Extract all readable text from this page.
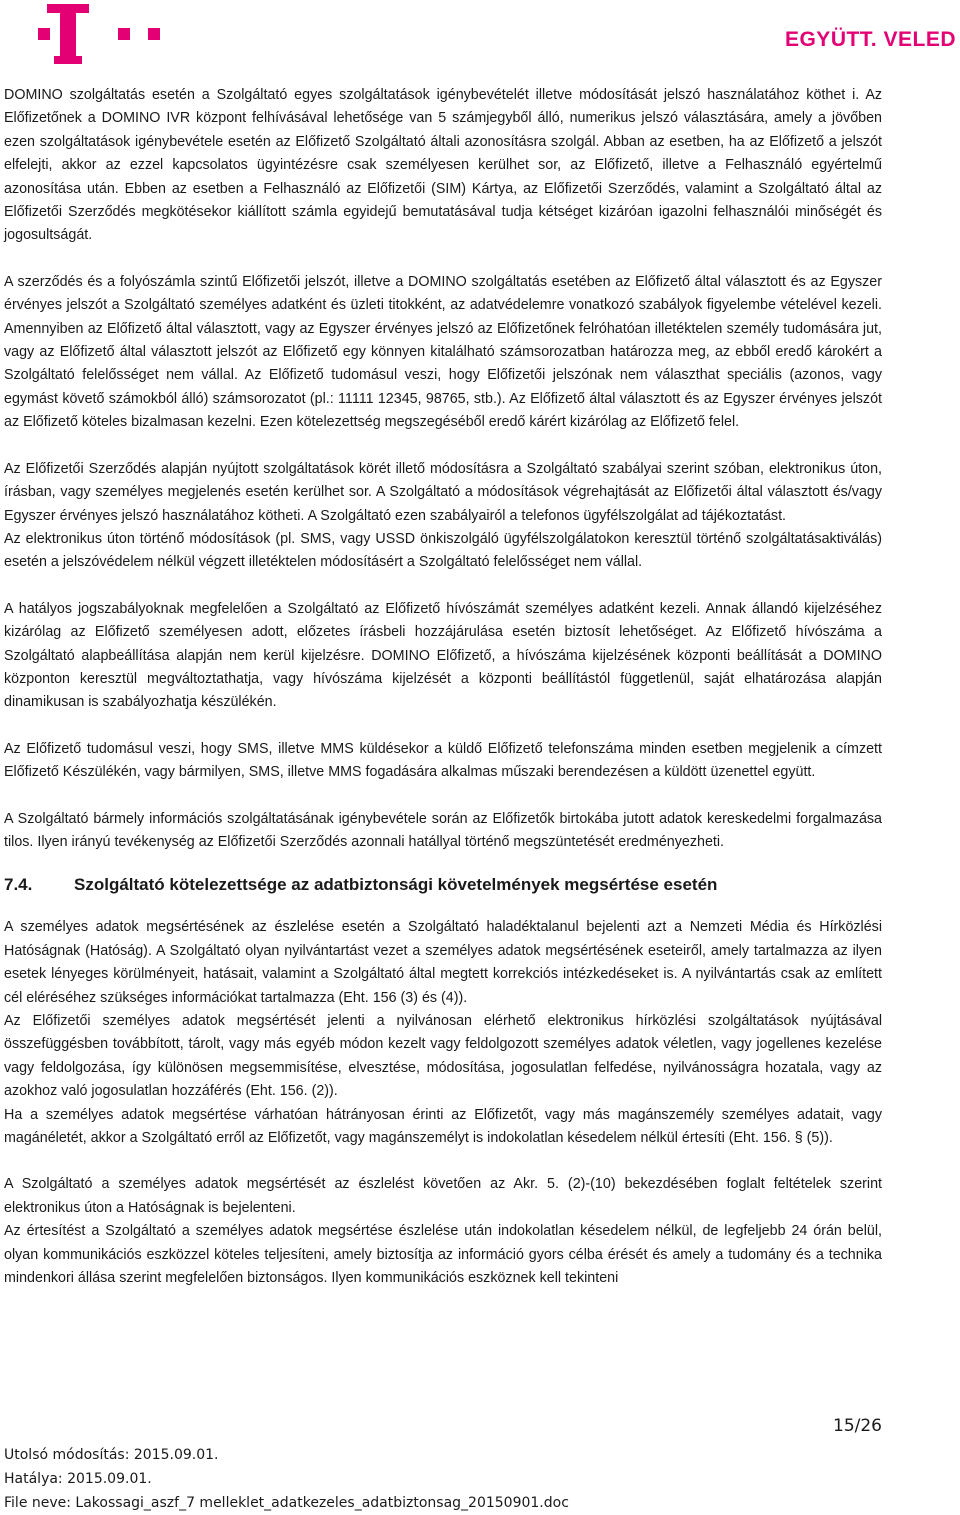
EGYÜTT. VELED

DOMINO szolgáltatás esetén a Szolgáltató egyes szolgáltatások igénybevételét illetve módosítását jelszó használatához köthet i. Az Előfizetőnek a DOMINO IVR központ felhívásával lehetősége van 5 számjegyből álló, numerikus jelszó választására, amely a jövőben ezen szolgáltatások igénybevétele esetén az Előfizető Szolgáltató általi azonosításra szolgál. Abban az esetben, ha az Előfizető a jelszót elfelejti, akkor az ezzel kapcsolatos ügyintézésre csak személyesen kerülhet sor, az Előfizető, illetve a Felhasználó egyértelmű azonosítása után. Ebben az esetben a Felhasználó az Előfizetői (SIM) Kártya, az Előfizetői Szerződés, valamint a Szolgáltató által az Előfizetői Szerződés megkötésekor kiállított számla egyidejű bemutatásával tudja kétséget kizáróan igazolni felhasználói minőségét és jogosultságát.

A szerződés és a folyószámla szintű Előfizetői jelszót, illetve a DOMINO szolgáltatás esetében az Előfizető által választott és az Egyszer érvényes jelszót a Szolgáltató személyes adatként és üzleti titokként, az adatvédelemre vonatkozó szabályok figyelembe vételével kezeli. Amennyiben az Előfizető által választott, vagy az Egyszer érvényes jelszó az Előfizetőnek felróhatóan illetéktelen személy tudomására jut, vagy az Előfizető által választott jelszót az Előfizető egy könnyen kitalálható számsorozatban határozza meg, az ebből eredő károkért a Szolgáltató felelősséget nem vállal. Az Előfizető tudomásul veszi, hogy Előfizetői jelszónak nem választhat speciális (azonos, vagy egymást követő számokból álló) számsorozatot (pl.: 11111 12345, 98765, stb.). Az Előfizető által választott és az Egyszer érvényes jelszót az Előfizető köteles bizalmasan kezelni. Ezen kötelezettség megszegéséből eredő kárért kizárólag az Előfizető felel.

Az Előfizetői Szerződés alapján nyújtott szolgáltatások körét illető módosításra a Szolgáltató szabályai szerint szóban, elektronikus úton, írásban, vagy személyes megjelenés esetén kerülhet sor. A Szolgáltató a módosítások végrehajtását az Előfizetői által választott és/vagy Egyszer érvényes jelszó használatához kötheti. A Szolgáltató ezen szabályairól a telefonos ügyfélszolgálat ad tájékoztatást.

Az elektronikus úton történő módosítások (pl. SMS, vagy USSD önkiszolgáló ügyfélszolgálatokon keresztül történő szolgáltatásaktiválás) esetén a jelszóvédelem nélkül végzett illetéktelen módosításért a Szolgáltató felelősséget nem vállal.

A hatályos jogszabályoknak megfelelően a Szolgáltató az Előfizető hívószámát személyes adatként kezeli. Annak állandó kijelzéséhez kizárólag az Előfizető személyesen adott, előzetes írásbeli hozzájárulása esetén biztosít lehetőséget. Az Előfizető hívószáma a Szolgáltató alapbeállítása alapján nem kerül kijelzésre. DOMINO Előfizető, a hívószáma kijelzésének központi beállítását a DOMINO központon keresztül megváltoztathatja, vagy hívószáma kijelzését a központi beállítástól függetlenül, saját elhatározása alapján dinamikusan is szabályozhatja készülékén.

Az Előfizető tudomásul veszi, hogy SMS, illetve MMS küldésekor a küldő Előfizető telefonszáma minden esetben megjelenik a címzett Előfizető Készülékén, vagy bármilyen, SMS, illetve MMS fogadására alkalmas műszaki berendezésen a küldött üzenettel együtt.

A Szolgáltató bármely információs szolgáltatásának igénybevétele során az Előfizetők birtokába jutott adatok kereskedelmi forgalmazása tilos. Ilyen irányú tevékenység az Előfizetői Szerződés azonnali hatállyal történő megszüntetését eredményezheti.

7.4.	Szolgáltató kötelezettsége az adatbiztonsági követelmények megsértése esetén

A személyes adatok megsértésének az észlelése esetén a Szolgáltató haladéktalanul bejelenti azt a Nemzeti Média és Hírközlési Hatóságnak (Hatóság). A Szolgáltató olyan nyilvántartást vezet a személyes adatok megsértésének eseteiről, amely tartalmazza az ilyen esetek lényeges körülményeit, hatásait, valamint a Szolgáltató által megtett korrekciós intézkedéseket is. A nyilvántartás csak az említett cél eléréséhez szükséges információkat tartalmazza (Eht. 156 (3) és (4)).

Az Előfizetői személyes adatok megsértését jelenti a nyilvánosan elérhető elektronikus hírközlési szolgáltatások nyújtásával összefüggésben továbbított, tárolt, vagy más egyéb módon kezelt vagy feldolgozott személyes adatok véletlen, vagy jogellenes kezelése vagy feldolgozása, így különösen megsemmisítése, elvesztése, módosítása, jogosulatlan felfedése, nyilvánosságra hozatala, vagy az azokhoz való jogosulatlan hozzáférés (Eht. 156. (2)).

Ha a személyes adatok megsértése várhatóan hátrányosan érinti az Előfizetőt, vagy más magánszemély személyes adatait, vagy magánéletét, akkor a Szolgáltató erről az Előfizetőt, vagy magánszemélyt is indokolatlan késedelem nélkül értesíti (Eht. 156. § (5)).

A Szolgáltató a személyes adatok megsértését az észlelést követően az Akr. 5. (2)-(10) bekezdésében foglalt feltételek szerint elektronikus úton a Hatóságnak is bejelenteni.

Az értesítést a Szolgáltató a személyes adatok megsértése észlelése után indokolatlan késedelem nélkül, de legfeljebb 24 órán belül, olyan kommunikációs eszközzel köteles teljesíteni, amely biztosítja az információ gyors célba érését és amely a tudomány és a technika mindenkori állása szerint megfelelően biztonságos. Ilyen kommunikációs eszköznek kell tekinteni

15/26
Utolsó módosítás: 2015.09.01.
Hatálya: 2015.09.01.
File neve: Lakossagi_aszf_7 melleklet_adatkezeles_adatbiztonsag_20150901.doc
